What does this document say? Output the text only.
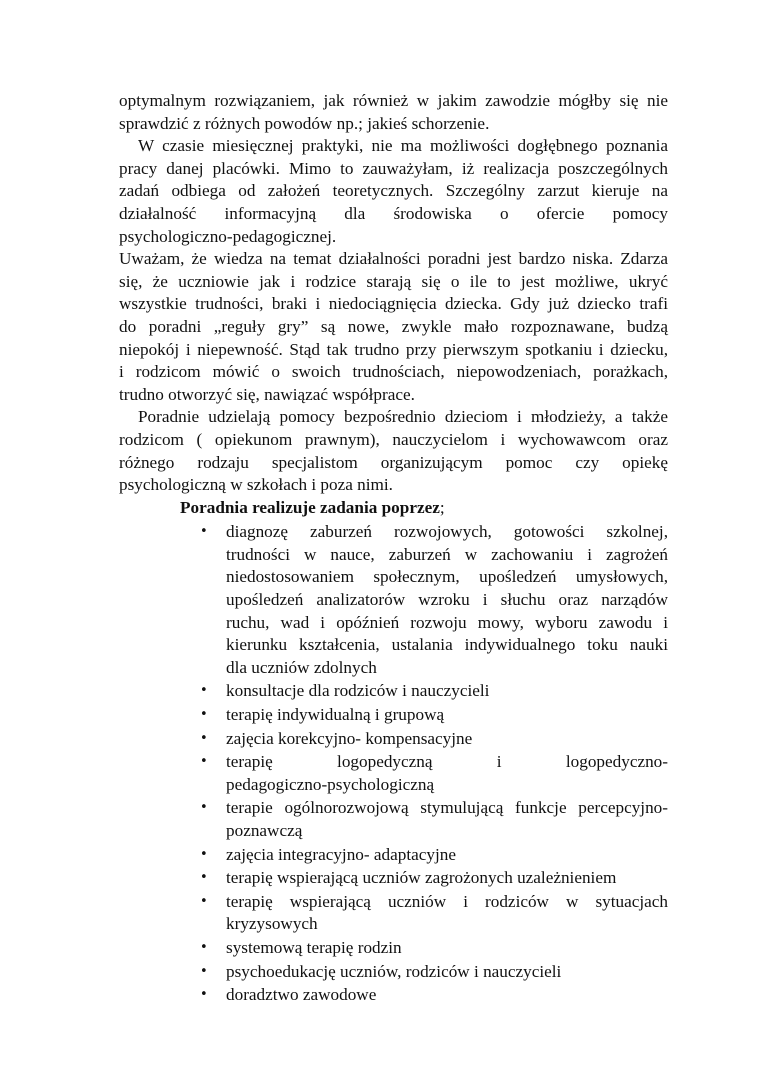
optymalnym rozwiązaniem, jak również w jakim zawodzie mógłby się nie
sprawdzić z różnych powodów np.; jakieś schorzenie.

W czasie miesięcznej praktyki, nie ma możliwości dogłębnego poznania
pracy danej placówki. Mimo to zauważyłam, iż realizacja poszczególnych
zadań odbiega od założeń teoretycznych. Szczególny zarzut kieruje na
działalność informacyjną dla środowiska o ofercie pomocy
psychologiczno-pedagogicznej.

Uważam, że wiedza na temat działalności poradni jest bardzo niska. Zdarza
się, że uczniowie jak i rodzice starają się o ile to jest możliwe, ukryć
wszystkie trudności, braki i niedociągnięcia dziecka. Gdy już dziecko trafi
do poradni „reguły gry” są nowe, zwykle mało rozpoznawane, budzą
niepokój i niepewność. Stąd tak trudno przy pierwszym spotkaniu i dziecku,
i rodzicom mówić o swoich trudnościach, niepowodzeniach, porażkach,
trudno otworzyć się, nawiązać współprace.

Poradnie udzielają pomocy bezpośrednio dzieciom i młodzieży, a także
rodzicom ( opiekunom prawnym), nauczycielom i wychowawcom oraz
różnego rodzaju specjalistom organizującym pomoc czy opiekę
psychologiczną w szkołach i poza nimi.

Poradnia realizuje zadania poprzez;

• diagnozę zaburzeń rozwojowych, gotowości szkolnej,
trudności w nauce, zaburzeń w zachowaniu i zagrożeń
niedostosowaniem społecznym, upośledzeń umysłowych,
upośledzeń analizatorów wzroku i słuchu oraz narządów
ruchu, wad i opóźnień rozwoju mowy, wyboru zawodu i
kierunku kształcenia, ustalania indywidualnego toku nauki
dla uczniów zdolnych
• konsultacje dla rodziców i nauczycieli
• terapię indywidualną i grupową
• zajęcia korekcyjno- kompensacyjne
• terapię logopedyczną i logopedyczno-
pedagogiczno-psychologiczną
• terapie ogólnorozwojową stymulującą funkcje percepcyjno-
poznawczą
• zajęcia integracyjno- adaptacyjne
• terapię wspierającą uczniów zagrożonych uzależnieniem
• terapię wspierającą uczniów i rodziców w sytuacjach
kryzysowych
• systemową terapię rodzin
• psychoedukację uczniów, rodziców i nauczycieli
• doradztwo zawodowe
